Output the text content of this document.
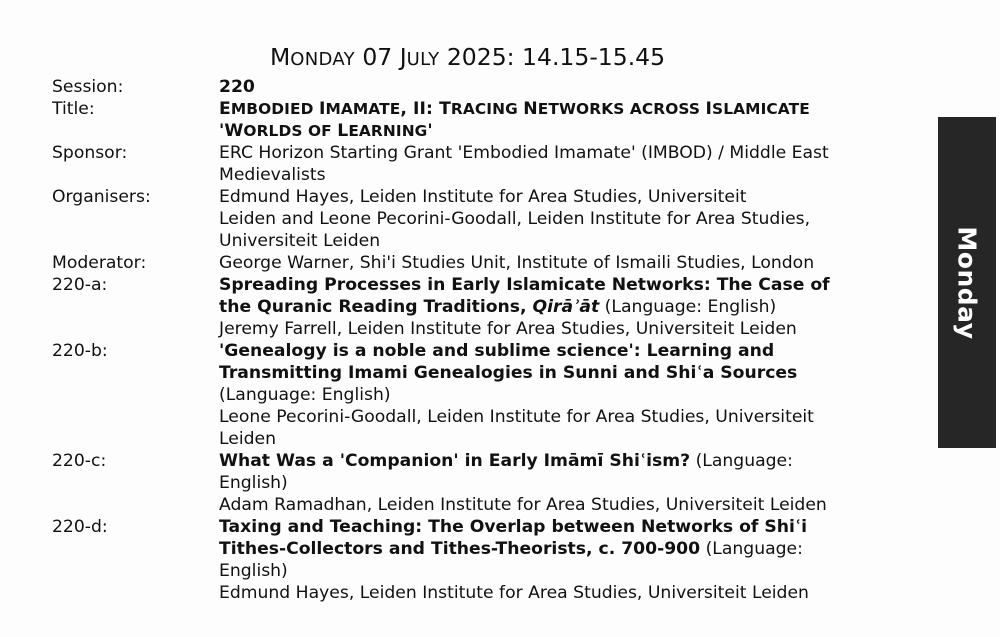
MONDAY 07 JULY 2025: 14.15-15.45
Session:	220
Title:	EMBODIED IMAMATE, II: TRACING NETWORKS ACROSS ISLAMICATE
'WORLDS OF LEARNING'
Sponsor:	ERC Horizon Starting Grant 'Embodied Imamate' (IMBOD) / Middle East
Medievalists
Organisers:	Edmund Hayes, Leiden Institute for Area Studies, Universiteit
Leiden and Leone Pecorini-Goodall, Leiden Institute for Area Studies,
Universiteit Leiden
Moderator:	George Warner, Shi'i Studies Unit, Institute of Ismaili Studies, London
220-a:	Spreading Processes in Early Islamicate Networks: The Case of
the Quranic Reading Traditions, Qirāʾāt (Language: English)
Jeremy Farrell, Leiden Institute for Area Studies, Universiteit Leiden
220-b:	'Genealogy is a noble and sublime science': Learning and
Transmitting Imami Genealogies in Sunni and Shiʿa Sources
(Language: English)
Leone Pecorini-Goodall, Leiden Institute for Area Studies, Universiteit
Leiden
220-c:	What Was a 'Companion' in Early Imāmī Shiʿism? (Language:
English)
Adam Ramadhan, Leiden Institute for Area Studies, Universiteit Leiden
220-d:	Taxing and Teaching: The Overlap between Networks of Shiʿi
Tithes-Collectors and Tithes-Theorists, c. 700-900 (Language:
English)
Edmund Hayes, Leiden Institute for Area Studies, Universiteit Leiden
Monday
